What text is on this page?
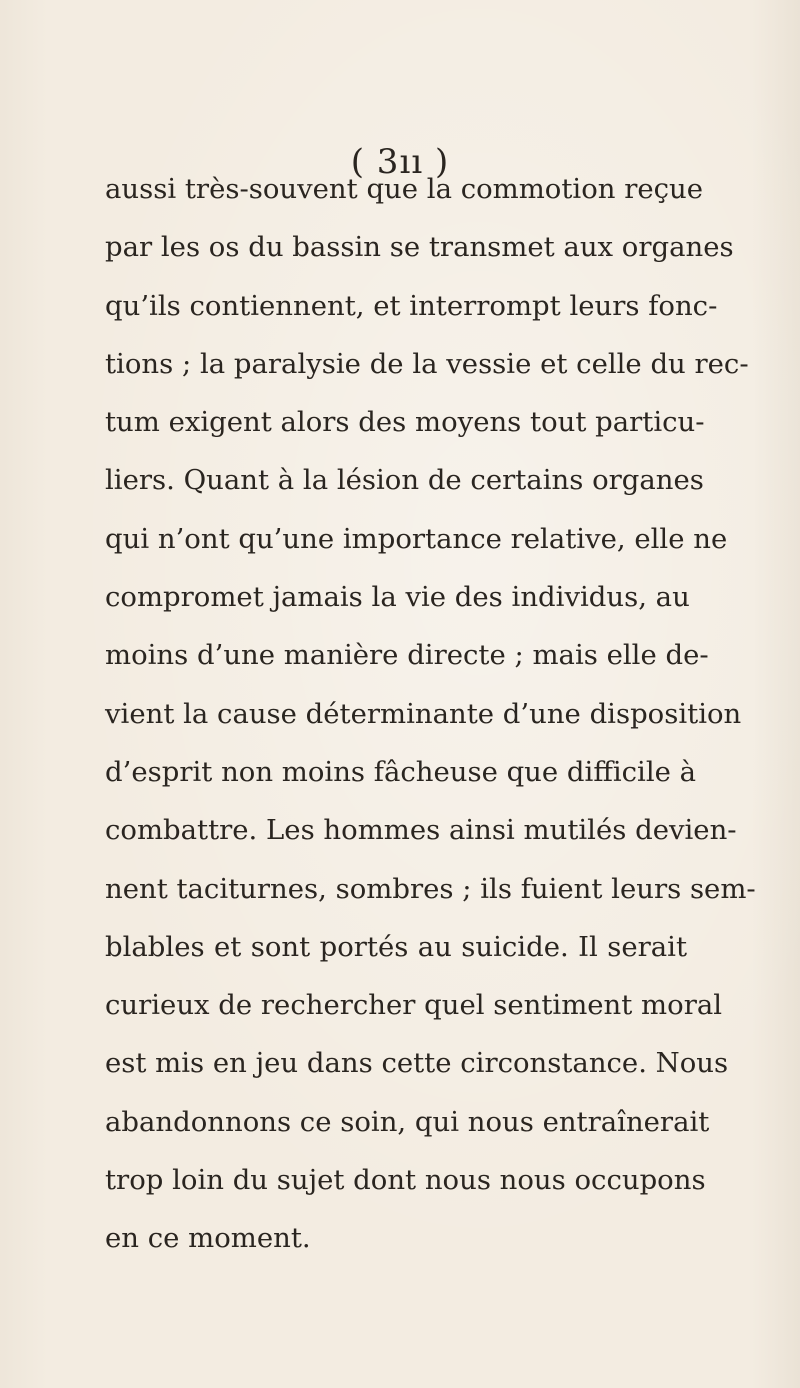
( 3ıı )
aussi très-souvent que la commotion reçue
par les os du bassin se transmet aux organes
qu’ils contiennent, et interrompt leurs fonc-
tions ; la paralysie de la vessie et celle du rec-
tum exigent alors des moyens tout particu-
liers. Quant à la lésion de certains organes
qui n’ont qu’une importance relative, elle ne
compromet jamais la vie des individus, au
moins d’une manière directe ; mais elle de-
vient la cause déterminante d’une disposition
d’esprit non moins fâcheuse que difficile à
combattre. Les hommes ainsi mutilés devien-
nent taciturnes, sombres ; ils fuient leurs sem-
blables et sont portés au suicide. Il serait
curieux de rechercher quel sentiment moral
est mis en jeu dans cette circonstance. Nous
abandonnons ce soin, qui nous entraînerait
trop loin du sujet dont nous nous occupons
en ce moment.
